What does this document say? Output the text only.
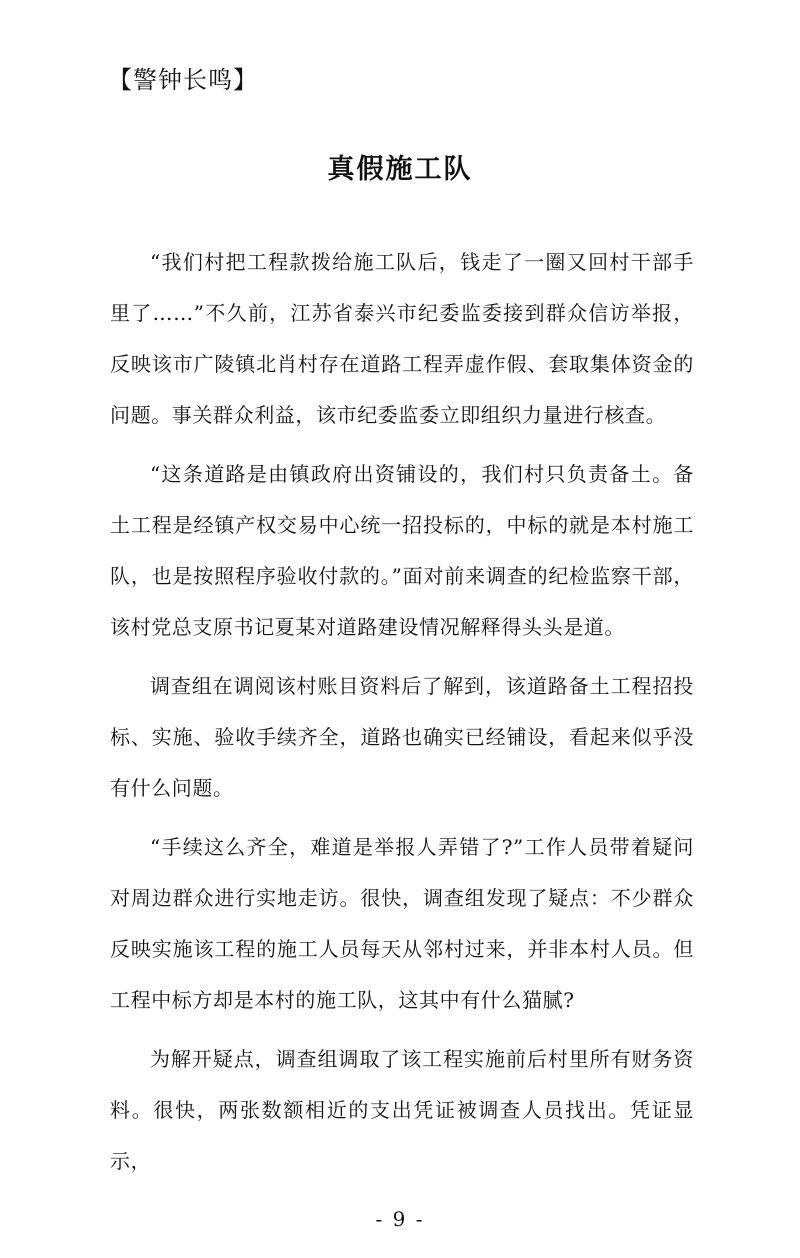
【警钟长鸣】
真假施工队

“我们村把工程款拨给施工队后，钱走了一圈又回村干部手里了……”不久前，江苏省泰兴市纪委监委接到群众信访举报，反映该市广陵镇北肖村存在道路工程弄虚作假、套取集体资金的问题。事关群众利益，该市纪委监委立即组织力量进行核查。

“这条道路是由镇政府出资铺设的，我们村只负责备土。备土工程是经镇产权交易中心统一招投标的，中标的就是本村施工队，也是按照程序验收付款的。”面对前来调查的纪检监察干部，该村党总支原书记夏某对道路建设情况解释得头头是道。

调查组在调阅该村账目资料后了解到，该道路备土工程招投标、实施、验收手续齐全，道路也确实已经铺设，看起来似乎没有什么问题。

“手续这么齐全，难道是举报人弄错了?”工作人员带着疑问对周边群众进行实地走访。很快，调查组发现了疑点：不少群众反映实施该工程的施工人员每天从邻村过来，并非本村人员。但工程中标方却是本村的施工队，这其中有什么猫腻?

为解开疑点，调查组调取了该工程实施前后村里所有财务资料。很快，两张数额相近的支出凭证被调查人员找出。凭证显示，

- 9 -
